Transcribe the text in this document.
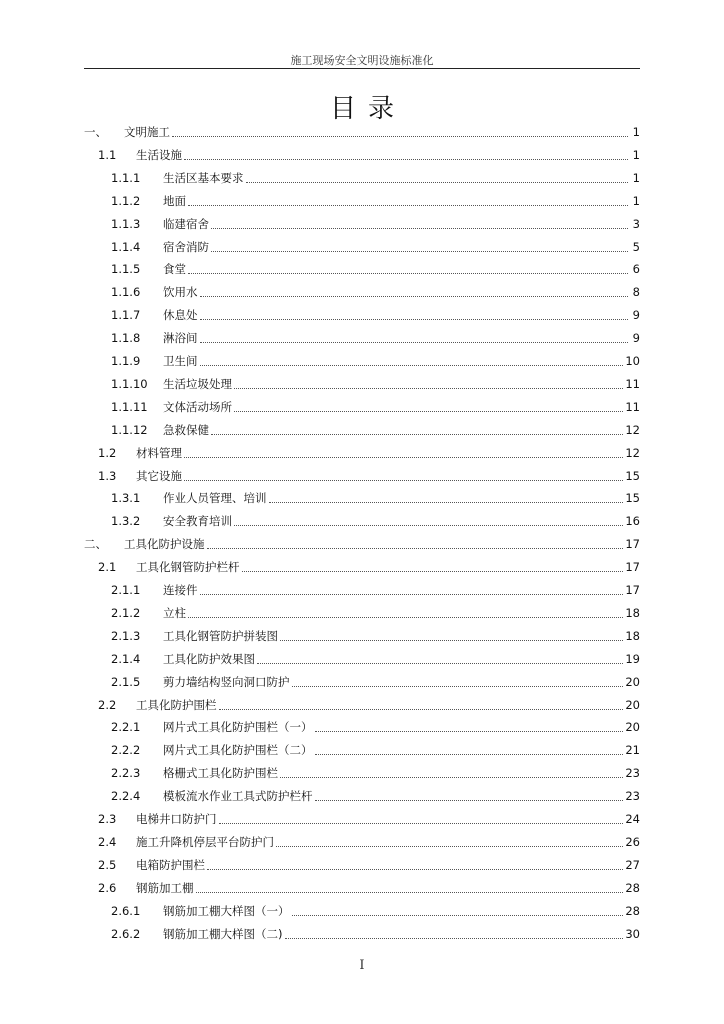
施工现场安全文明设施标准化
目录
一、	文明施工	1
1.1	生活设施	1
1.1.1	生活区基本要求	1
1.1.2	地面	1
1.1.3	临建宿舍	3
1.1.4	宿舍消防	5
1.1.5	食堂	6
1.1.6	饮用水	8
1.1.7	休息处	9
1.1.8	淋浴间	9
1.1.9	卫生间	10
1.1.10	生活垃圾处理	11
1.1.11	文体活动场所	11
1.1.12	急救保健	12
1.2	材料管理	12
1.3	其它设施	15
1.3.1	作业人员管理、培训	15
1.3.2	安全教育培训	16
二、	工具化防护设施	17
2.1	工具化钢管防护栏杆	17
2.1.1	连接件	17
2.1.2	立柱	18
2.1.3	工具化钢管防护拼装图	18
2.1.4	工具化防护效果图	19
2.1.5	剪力墙结构竖向洞口防护	20
2.2	工具化防护围栏	20
2.2.1	网片式工具化防护围栏（一）	20
2.2.2	网片式工具化防护围栏（二）	21
2.2.3	格栅式工具化防护围栏	23
2.2.4	模板流水作业工具式防护栏杆	23
2.3	电梯井口防护门	24
2.4	施工升降机停层平台防护门	26
2.5	电箱防护围栏	27
2.6	钢筋加工棚	28
2.6.1	钢筋加工棚大样图（一）	28
2.6.2	钢筋加工棚大样图（二)	30
I
